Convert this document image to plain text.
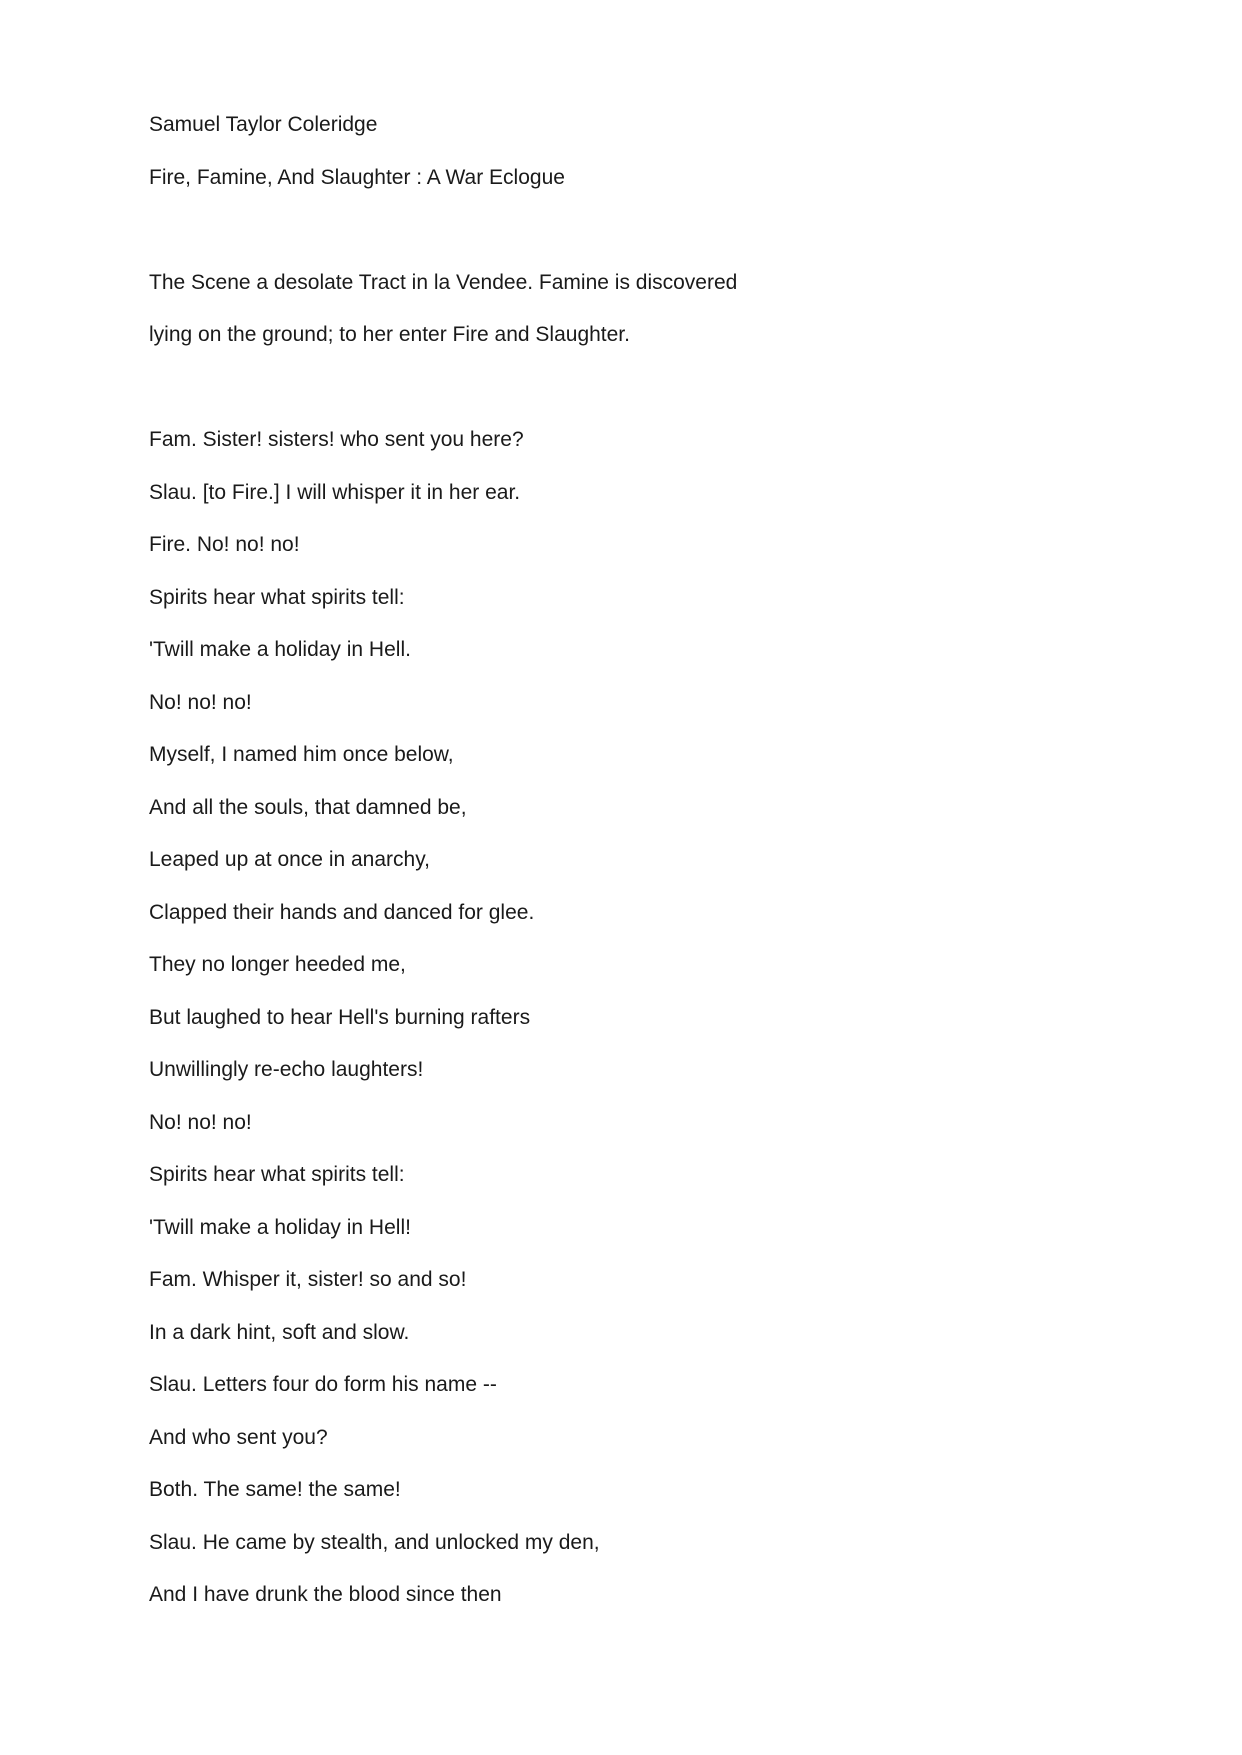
Samuel Taylor Coleridge

Fire, Famine, And Slaughter : A War Eclogue

The Scene a desolate Tract in la Vendee. Famine is discovered

lying on the ground; to her enter Fire and Slaughter.

Fam. Sister! sisters! who sent you here?

Slau. [to Fire.] I will whisper it in her ear.

Fire. No! no! no!

Spirits hear what spirits tell:

'Twill make a holiday in Hell.

No! no! no!

Myself, I named him once below,

And all the souls, that damned be,

Leaped up at once in anarchy,

Clapped their hands and danced for glee.

They no longer heeded me,

But laughed to hear Hell's burning rafters

Unwillingly re-echo laughters!

No! no! no!

Spirits hear what spirits tell:

'Twill make a holiday in Hell!

Fam. Whisper it, sister! so and so!

In a dark hint, soft and slow.

Slau. Letters four do form his name --

And who sent you?

Both. The same! the same!

Slau. He came by stealth, and unlocked my den,

And I have drunk the blood since then
